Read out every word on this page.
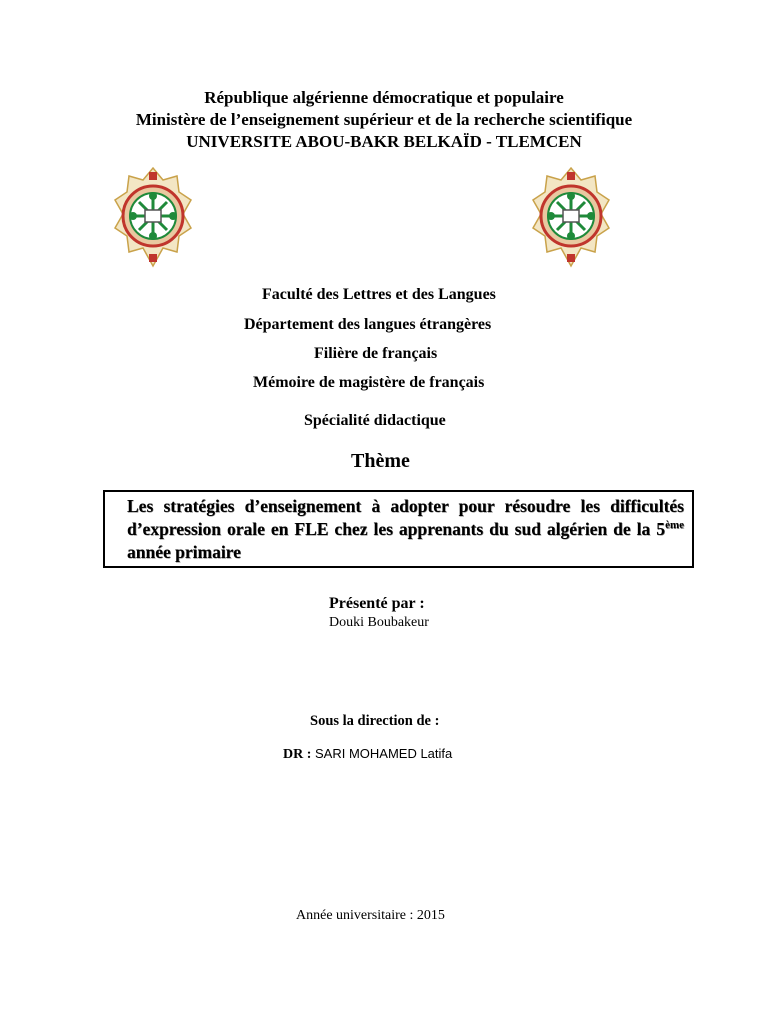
République algérienne démocratique et populaire
Ministère de l’enseignement supérieur et de la recherche scientifique
UNIVERSITE ABOU-BAKR BELKAÏD - TLEMCEN
Faculté des Lettres et des Langues
Département des langues étrangères
Filière de français
Mémoire de magistère de français
Spécialité didactique
Thème
Les stratégies d’enseignement à adopter pour résoudre les difficultés d’expression orale en FLE chez les apprenants du sud algérien de la 5ème année primaire
Présenté par :
Douki Boubakeur
Sous la direction de :
DR : SARI MOHAMED Latifa
Année universitaire : 2015
